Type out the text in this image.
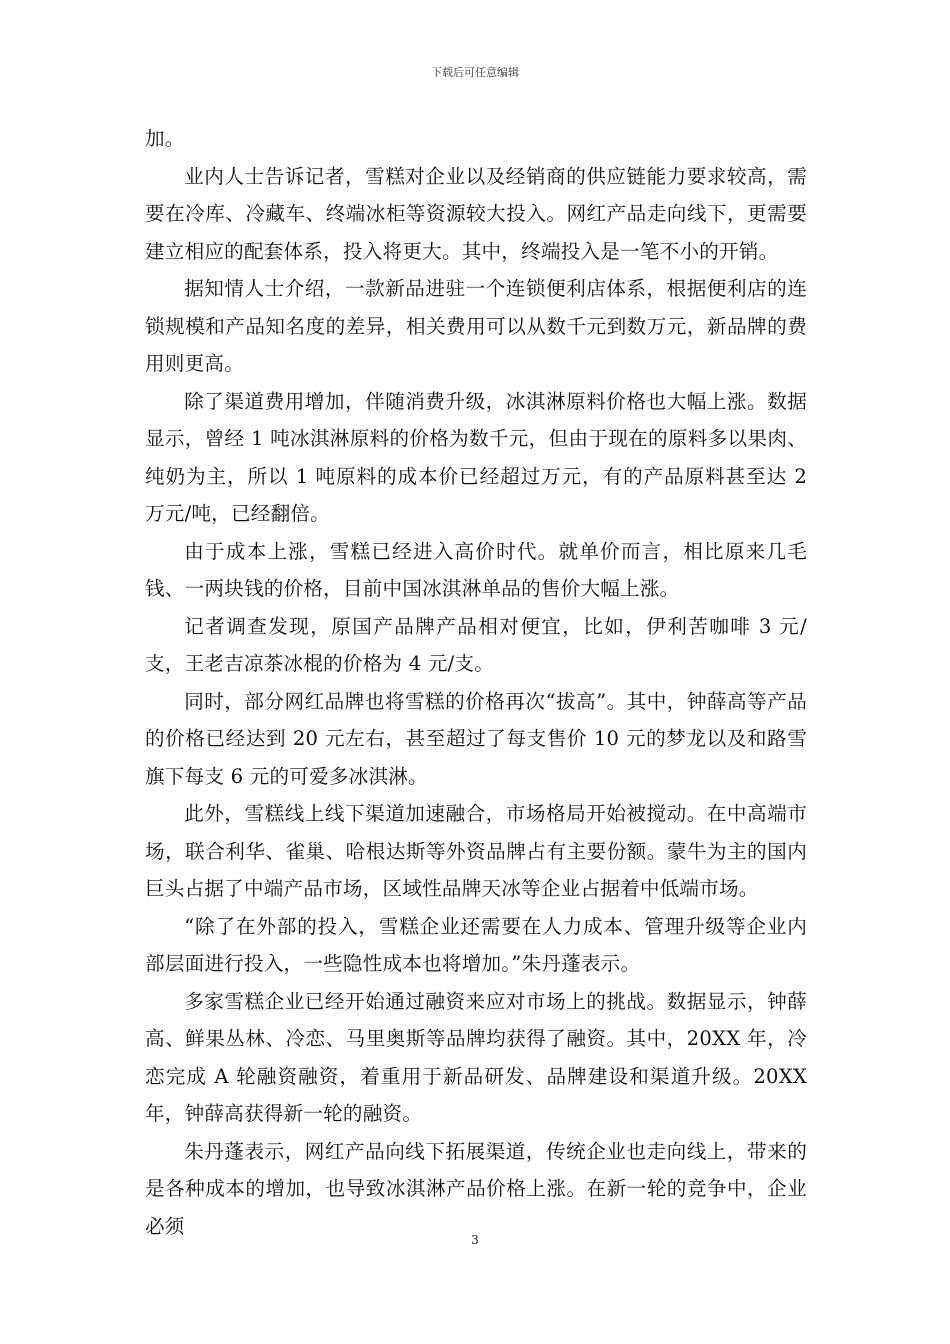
下载后可任意编辑

加。

业内人士告诉记者，雪糕对企业以及经销商的供应链能力要求较高，需要在冷库、冷藏车、终端冰柜等资源较大投入。网红产品走向线下，更需要建立相应的配套体系，投入将更大。其中，终端投入是一笔不小的开销。

据知情人士介绍，一款新品进驻一个连锁便利店体系，根据便利店的连锁规模和产品知名度的差异，相关费用可以从数千元到数万元，新品牌的费用则更高。

除了渠道费用增加，伴随消费升级，冰淇淋原料价格也大幅上涨。数据显示，曾经 1 吨冰淇淋原料的价格为数千元，但由于现在的原料多以果肉、纯奶为主，所以 1 吨原料的成本价已经超过万元，有的产品原料甚至达 2 万元/吨，已经翻倍。

由于成本上涨，雪糕已经进入高价时代。就单价而言，相比原来几毛钱、一两块钱的价格，目前中国冰淇淋单品的售价大幅上涨。

记者调查发现，原国产品牌产品相对便宜，比如，伊利苦咖啡 3 元/支，王老吉凉茶冰棍的价格为 4 元/支。

同时，部分网红品牌也将雪糕的价格再次“拔高”。其中，钟薛高等产品的价格已经达到 20 元左右，甚至超过了每支售价 10 元的梦龙以及和路雪旗下每支 6 元的可爱多冰淇淋。

此外，雪糕线上线下渠道加速融合，市场格局开始被搅动。在中高端市场，联合利华、雀巢、哈根达斯等外资品牌占有主要份额。蒙牛为主的国内巨头占据了中端产品市场，区域性品牌天冰等企业占据着中低端市场。

“除了在外部的投入，雪糕企业还需要在人力成本、管理升级等企业内部层面进行投入，一些隐性成本也将增加。”朱丹蓬表示。

多家雪糕企业已经开始通过融资来应对市场上的挑战。数据显示，钟薛高、鲜果丛林、冷恋、马里奥斯等品牌均获得了融资。其中，20XX 年，冷恋完成 A 轮融资融资，着重用于新品研发、品牌建设和渠道升级。20XX 年，钟薛高获得新一轮的融资。

朱丹蓬表示，网红产品向线下拓展渠道，传统企业也走向线上，带来的是各种成本的增加，也导致冰淇淋产品价格上涨。在新一轮的竞争中，企业必须

3
